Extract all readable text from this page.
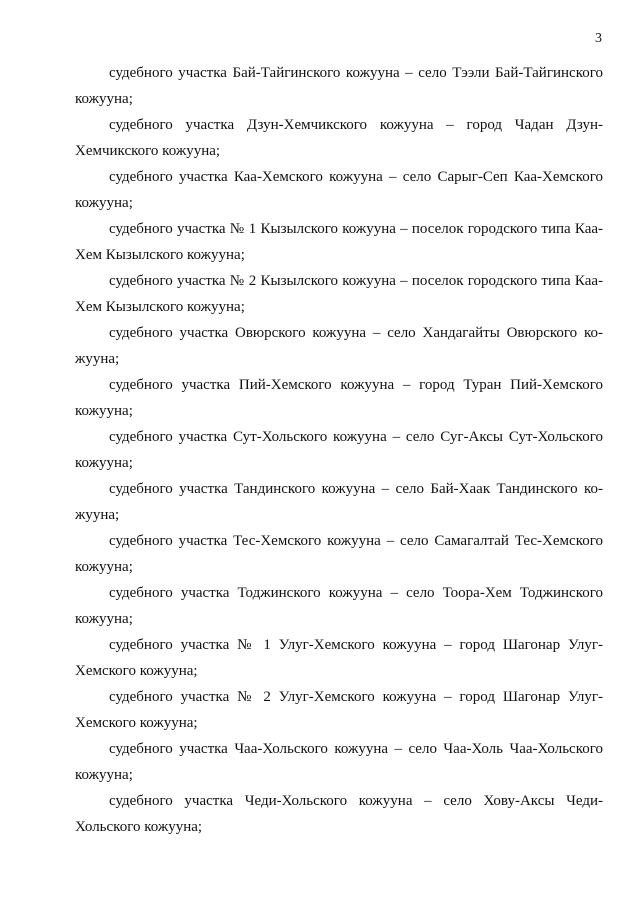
3

судебного участка Бай-Тайгинского кожууна – село Тээли Бай-Тайгинского кожууна;

судебного участка Дзун-Хемчикского кожууна – город Чадан Дзун-Хемчикского кожууна;

судебного участка Каа-Хемского кожууна – село Сарыг-Сеп Каа-Хемского кожууна;

судебного участка № 1 Кызылского кожууна – поселок городского типа Каа-Хем Кызылского кожууна;

судебного участка № 2 Кызылского кожууна – поселок городского типа Каа-Хем Кызылского кожууна;

судебного участка Овюрского кожууна – село Хандагайты Овюрского кожууна;

судебного участка Пий-Хемского кожууна – город Туран Пий-Хемского кожууна;

судебного участка Сут-Хольского кожууна – село Суг-Аксы Сут-Хольского кожууна;

судебного участка Тандинского кожууна – село Бай-Хаак Тандинского кожууна;

судебного участка Тес-Хемского кожууна – село Самагалтай Тес-Хемского кожууна;

судебного участка Тоджинского кожууна – село Тоора-Хем Тоджинского кожууна;

судебного участка № 1 Улуг-Хемского кожууна – город Шагонар Улуг-Хемского кожууна;

судебного участка № 2 Улуг-Хемского кожууна – город Шагонар Улуг-Хемского кожууна;

судебного участка Чаа-Хольского кожууна – село Чаа-Холь Чаа-Хольского кожууна;

судебного участка Чеди-Хольского кожууна – село Хову-Аксы Чеди-Хольского кожууна;
